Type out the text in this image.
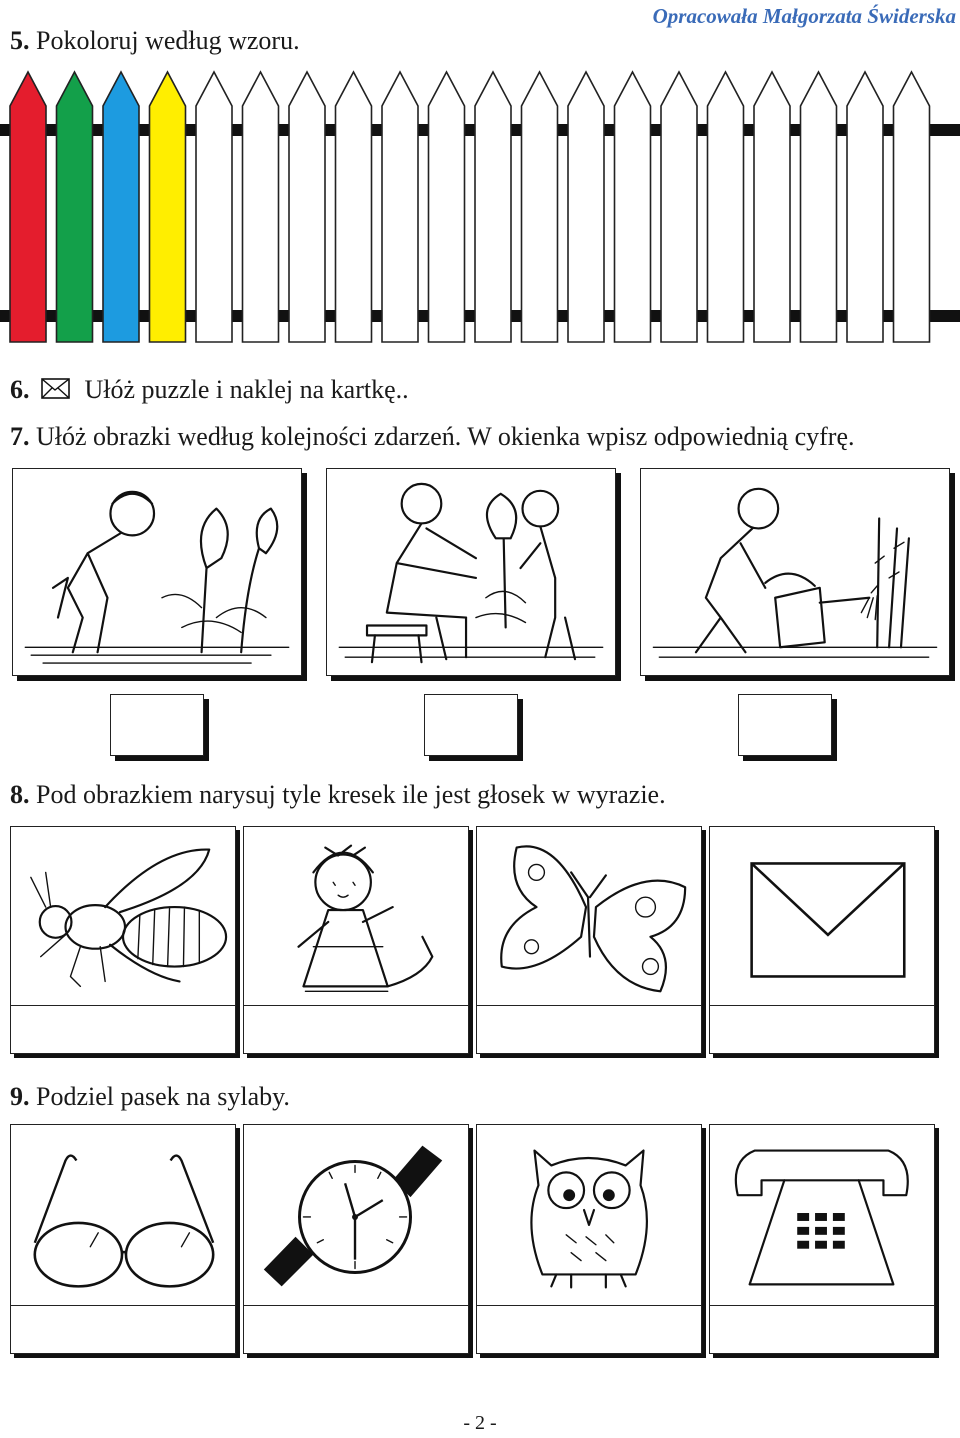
5. Pokoloruj według wzoru.
Opracowała Małgorzata Świderska
6. Ułóż puzzle i naklej na kartkę..
7. Ułóż obrazki według kolejności zdarzeń. W okienka wpisz odpowiednią cyfrę.
8. Pod obrazkiem narysuj tyle kresek ile jest głosek w wyrazie.
9. Podziel pasek na sylaby.
- 2 -
